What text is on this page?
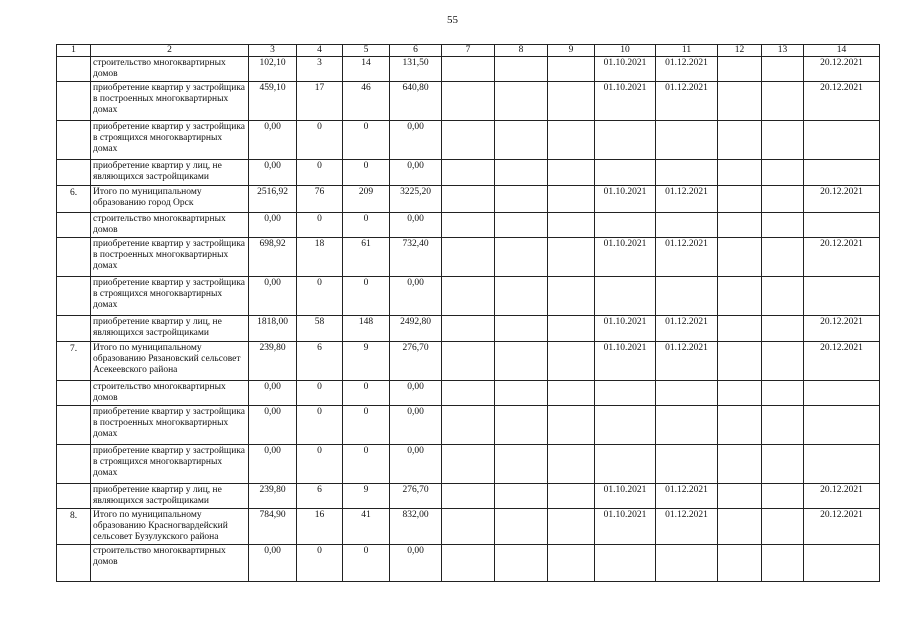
55
1	2	3	4	5	6	7	8	9	10	11	12	13	14
	строительство многоквартирных домов	102,10	3	14	131,50				01.10.2021	01.12.2021			20.12.2021
	приобретение квартир у застройщика в построенных многоквартирных домах	459,10	17	46	640,80				01.10.2021	01.12.2021			20.12.2021
	приобретение квартир у застройщика в строящихся многоквартирных домах	0,00	0	0	0,00								
	приобретение квартир у лиц, не являющихся застройщиками	0,00	0	0	0,00								
6.	Итого по муниципальному образованию город Орск	2516,92	76	209	3225,20				01.10.2021	01.12.2021			20.12.2021
	строительство многоквартирных домов	0,00	0	0	0,00								
	приобретение квартир у застройщика в построенных многоквартирных домах	698,92	18	61	732,40				01.10.2021	01.12.2021			20.12.2021
	приобретение квартир у застройщика в строящихся многоквартирных домах	0,00	0	0	0,00								
	приобретение квартир у лиц, не являющихся застройщиками	1818,00	58	148	2492,80				01.10.2021	01.12.2021			20.12.2021
7.	Итого по муниципальному образованию Рязановский сельсовет Асекеевского района	239,80	6	9	276,70				01.10.2021	01.12.2021			20.12.2021
	строительство многоквартирных домов	0,00	0	0	0,00								
	приобретение квартир у застройщика в построенных многоквартирных домах	0,00	0	0	0,00								
	приобретение квартир у застройщика в строящихся многоквартирных домах	0,00	0	0	0,00								
	приобретение квартир у лиц, не являющихся застройщиками	239,80	6	9	276,70				01.10.2021	01.12.2021			20.12.2021
8.	Итого по муниципальному образованию Красногвардейский сельсовет Бузулукского района	784,90	16	41	832,00				01.10.2021	01.12.2021			20.12.2021
	строительство многоквартирных домов	0,00	0	0	0,00								
